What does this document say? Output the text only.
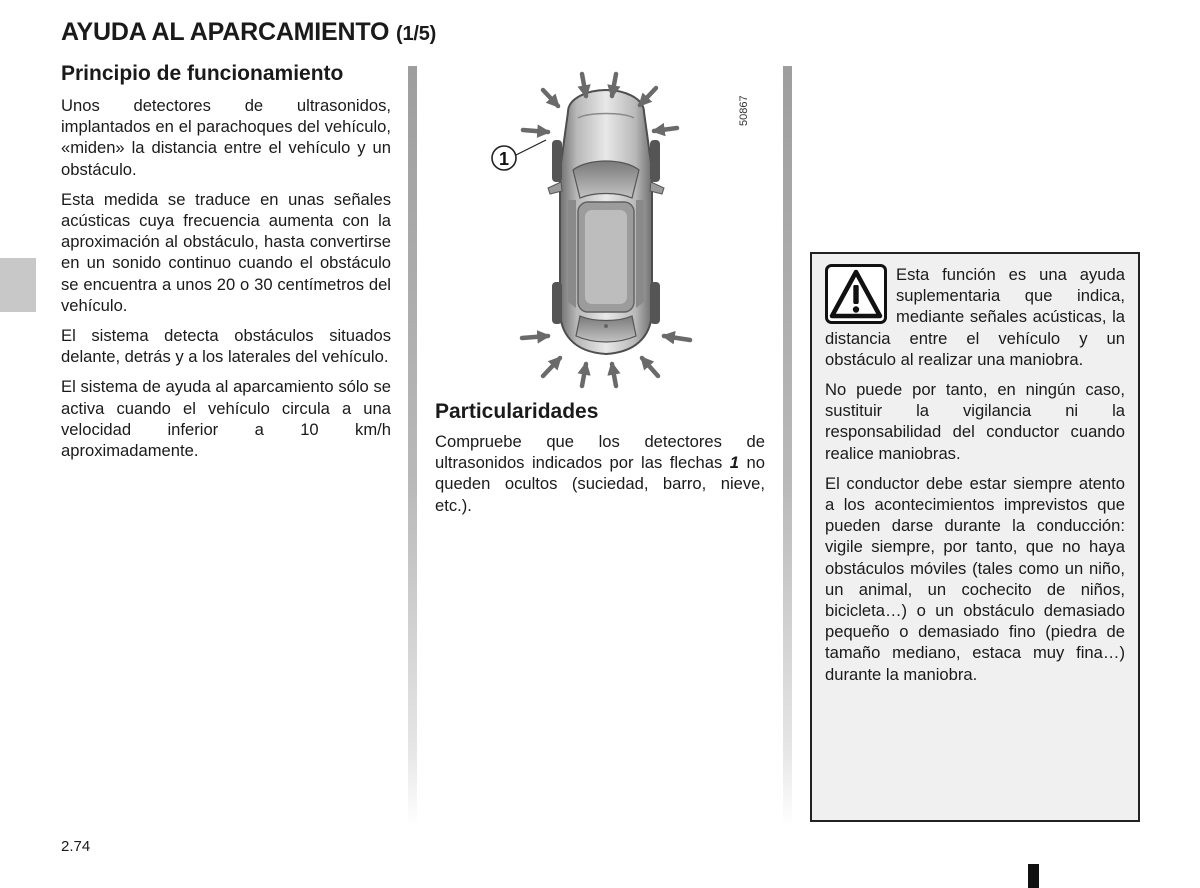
AYUDA AL APARCAMIENTO (1/5)
Principio de funcionamiento

Unos detectores de ultrasonidos, implantados en el parachoques del vehículo, «miden» la distancia entre el vehículo y un obstáculo.

Esta medida se traduce en unas señales acústicas cuya frecuencia aumenta con la aproximación al obstáculo, hasta convertirse en un sonido continuo cuando el obstáculo se encuentra a unos 20 o 30 centímetros del vehículo.

El sistema detecta obstáculos situados delante, detrás y a los laterales del vehículo.

El sistema de ayuda al aparcamiento sólo se activa cuando el vehículo circula a una velocidad inferior a 10 km/h aproximadamente.

1
50867
Particularidades

Compruebe que los detectores de ultrasonidos indicados por las flechas 1 no queden ocultos (suciedad, barro, nieve, etc.).

Esta función es una ayuda suplementaria que indica, mediante señales acústicas, la distancia entre el vehículo y un obstáculo al realizar una maniobra.

No puede por tanto, en ningún caso, sustituir la vigilancia ni la responsabilidad del conductor cuando realice maniobras.

El conductor debe estar siempre atento a los acontecimientos imprevistos que pueden darse durante la conducción: vigile siempre, por tanto, que no haya obstáculos móviles (tales como un niño, un animal, un cochecito de niños, bicicleta…) o un obstáculo demasiado pequeño o demasiado fino (piedra de tamaño mediano, estaca muy fina…) durante la maniobra.

2.74
